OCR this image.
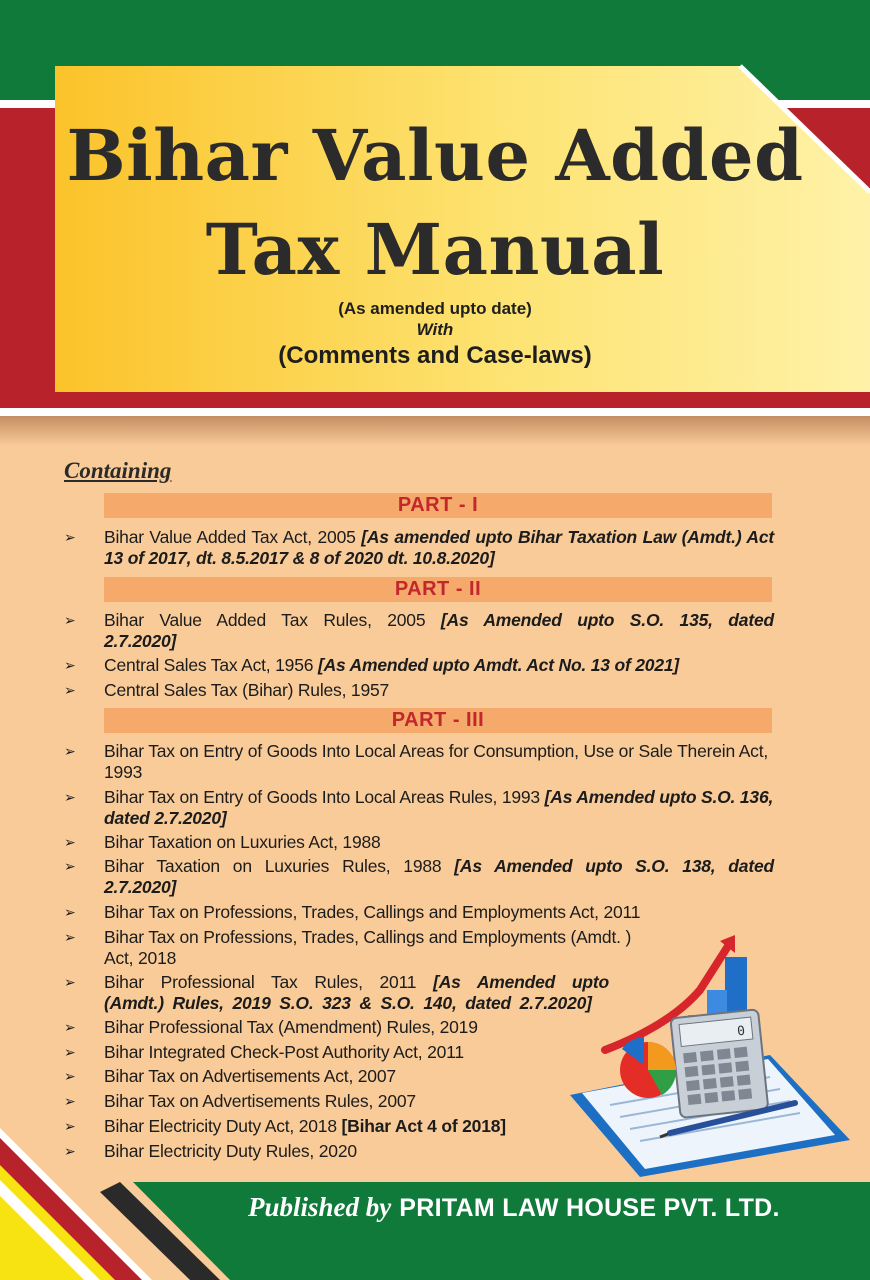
Bihar Value Added
Tax Manual
(As amended upto date)
With
(Comments and Case-laws)
Containing
PART - I
➢	Bihar Value Added Tax Act, 2005 [As amended upto Bihar Taxation Law (Amdt.) Act 13 of 2017, dt. 8.5.2017 & 8 of 2020 dt. 10.8.2020]
PART - II
➢	Bihar Value Added Tax Rules, 2005 [As Amended upto S.O. 135, dated 2.7.2020]
➢	Central Sales Tax Act, 1956 [As Amended upto Amdt. Act No. 13 of 2021]
➢	Central Sales Tax (Bihar) Rules, 1957
PART - III
➢	Bihar Tax on Entry of Goods Into Local Areas for Consumption, Use or Sale Therein Act, 1993
➢	Bihar Tax on Entry of Goods Into Local Areas Rules, 1993 [As Amended upto S.O. 136, dated 2.7.2020]
➢	Bihar Taxation on Luxuries Act, 1988
➢	Bihar Taxation on Luxuries Rules, 1988 [As Amended upto S.O. 138, dated 2.7.2020]
➢	Bihar Tax on Professions, Trades, Callings and Employments Act, 2011
➢	Bihar Tax on Professions, Trades, Callings and Employments (Amdt. ) Act, 2018
➢	Bihar Professional Tax Rules, 2011 [As Amended upto (Amdt.) Rules, 2019 S.O. 323 & S.O. 140, dated 2.7.2020]
➢	Bihar Professional Tax (Amendment) Rules, 2019
➢	Bihar Integrated Check-Post Authority Act, 2011
➢	Bihar Tax on Advertisements Act, 2007
➢	Bihar Tax on Advertisements Rules, 2007
➢	Bihar Electricity Duty Act, 2018 [Bihar Act 4 of 2018]
➢	Bihar Electricity Duty Rules, 2020
0
Published by PRITAM LAW HOUSE PVT. LTD.
